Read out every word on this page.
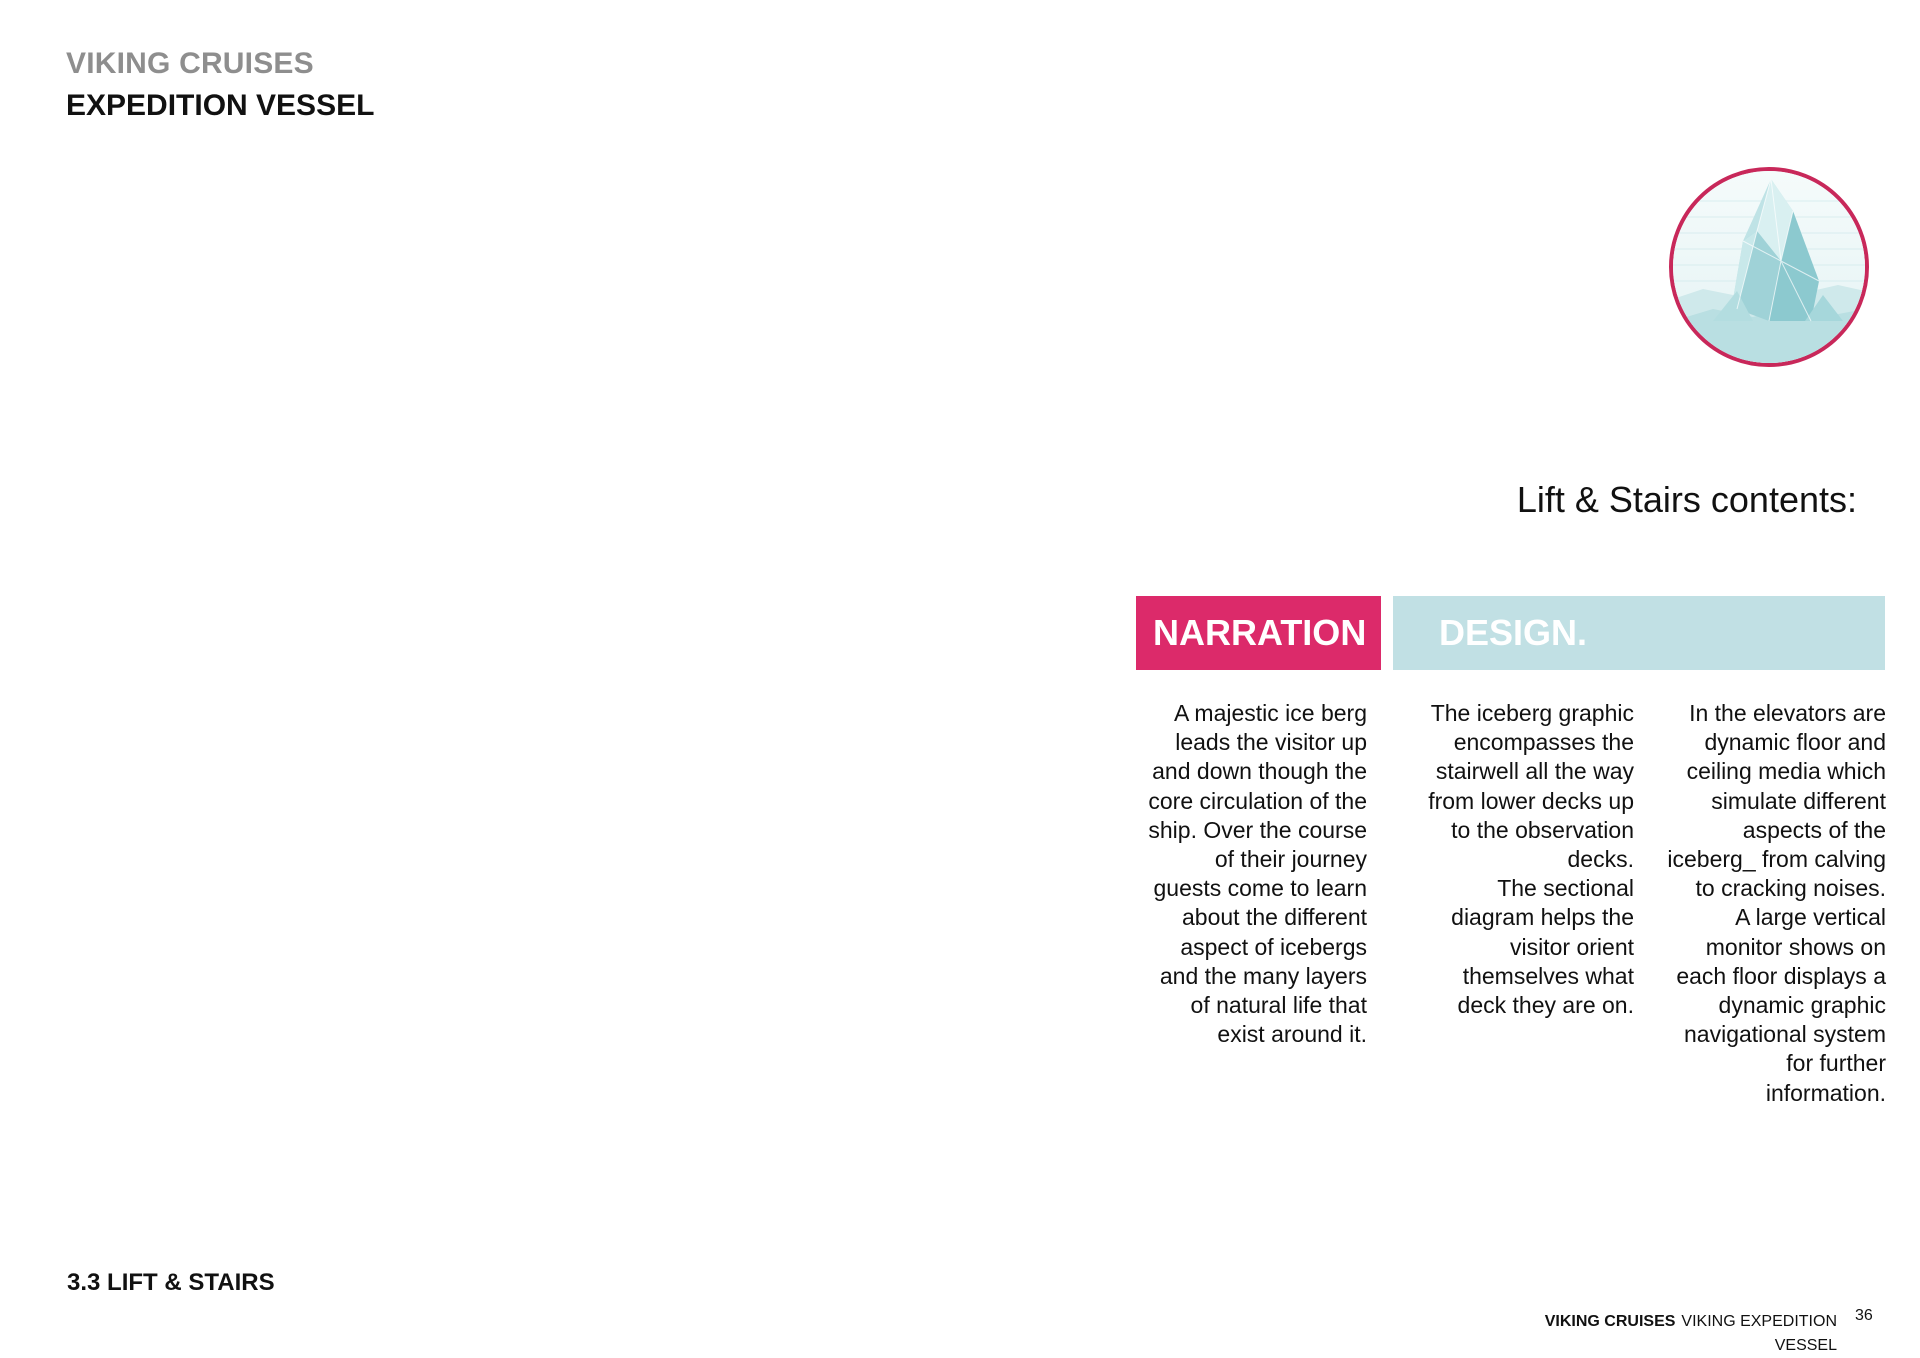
VIKING CRUISES
EXPEDITION VESSEL
Lift & Stairs contents:
NARRATION	DESIGN.
A majestic ice berg
leads the visitor up
and down though the
core circulation of the
ship. Over the course
of their journey
guests come to learn
about the different
aspect of icebergs
and the many layers
of natural life that
exist around it.
The iceberg graphic
encompasses the
stairwell all the way
from lower decks up
to the observation
decks.
The sectional
diagram helps the
visitor orient
themselves what
deck they are on.
In the elevators are
dynamic floor and
ceiling media which
simulate different
aspects of the
iceberg_ from calving
to cracking noises.
A large vertical
monitor shows on
each floor displays a
dynamic graphic
navigational system
for further
information.
3.3 LIFT & STAIRS
VIKING CRUISES VIKING EXPEDITION
VESSEL
36
